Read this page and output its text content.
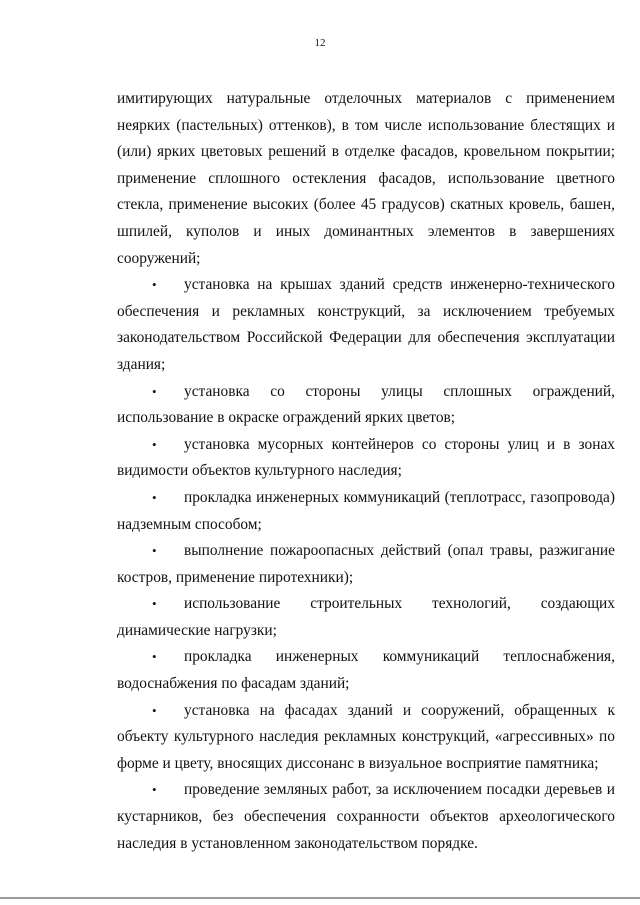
12

имитирующих натуральные отделочных материалов с применением неярких (пастельных) оттенков), в том числе использование блестящих и (или) ярких цветовых решений в отделке фасадов, кровельном покрытии; применение сплошного остекления фасадов, использование цветного стекла, применение высоких (более 45 градусов) скатных кровель, башен, шпилей, куполов и иных доминантных элементов в завершениях сооружений;

• установка на крышах зданий средств инженерно-технического обеспечения и рекламных конструкций, за исключением требуемых законодательством Российской Федерации для обеспечения эксплуатации здания;

• установка со стороны улицы сплошных ограждений, использование в окраске ограждений ярких цветов;

• установка мусорных контейнеров со стороны улиц и в зонах видимости объектов культурного наследия;

• прокладка инженерных коммуникаций (теплотрасс, газопровода) надземным способом;

• выполнение пожароопасных действий (опал травы, разжигание костров, применение пиротехники);

• использование строительных технологий, создающих динамические нагрузки;

• прокладка инженерных коммуникаций теплоснабжения, водоснабжения по фасадам зданий;

• установка на фасадах зданий и сооружений, обращенных к объекту культурного наследия рекламных конструкций, «агрессивных» по форме и цвету, вносящих диссонанс в визуальное восприятие памятника;

• проведение земляных работ, за исключением посадки деревьев и кустарников, без обеспечения сохранности объектов археологического наследия в установленном законодательством порядке.
